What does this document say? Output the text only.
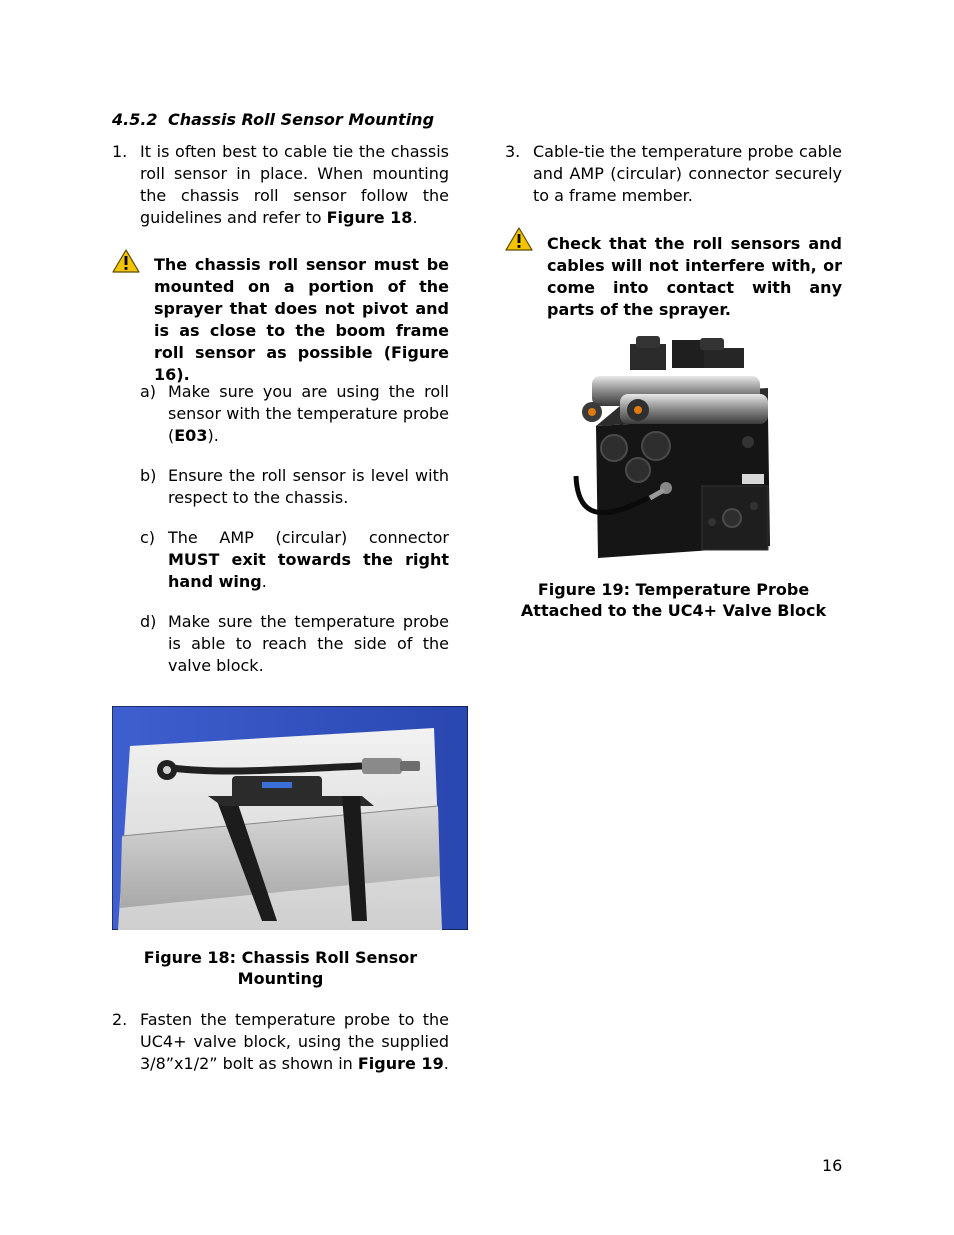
4.5.2 Chassis Roll Sensor Mounting
1. It is often best to cable tie the chassis roll sensor in place. When mounting the chassis roll sensor follow the guidelines and refer to Figure 18.
The chassis roll sensor must be mounted on a portion of the sprayer that does not pivot and is as close to the boom frame roll sensor as possible (Figure 16).
a) Make sure you are using the roll sensor with the temperature probe (E03).
b) Ensure the roll sensor is level with respect to the chassis.
c) The AMP (circular) connector MUST exit towards the right hand wing.
d) Make sure the temperature probe is able to reach the side of the valve block.
Figure 18: Chassis Roll Sensor
Mounting
2. Fasten the temperature probe to the UC4+ valve block, using the supplied 3/8”x1/2” bolt as shown in Figure 19.
3. Cable-tie the temperature probe cable and AMP (circular) connector securely to a frame member.
Check that the roll sensors and cables will not interfere with, or come into contact with any parts of the sprayer.
Figure 19: Temperature Probe
Attached to the UC4+ Valve Block
16
